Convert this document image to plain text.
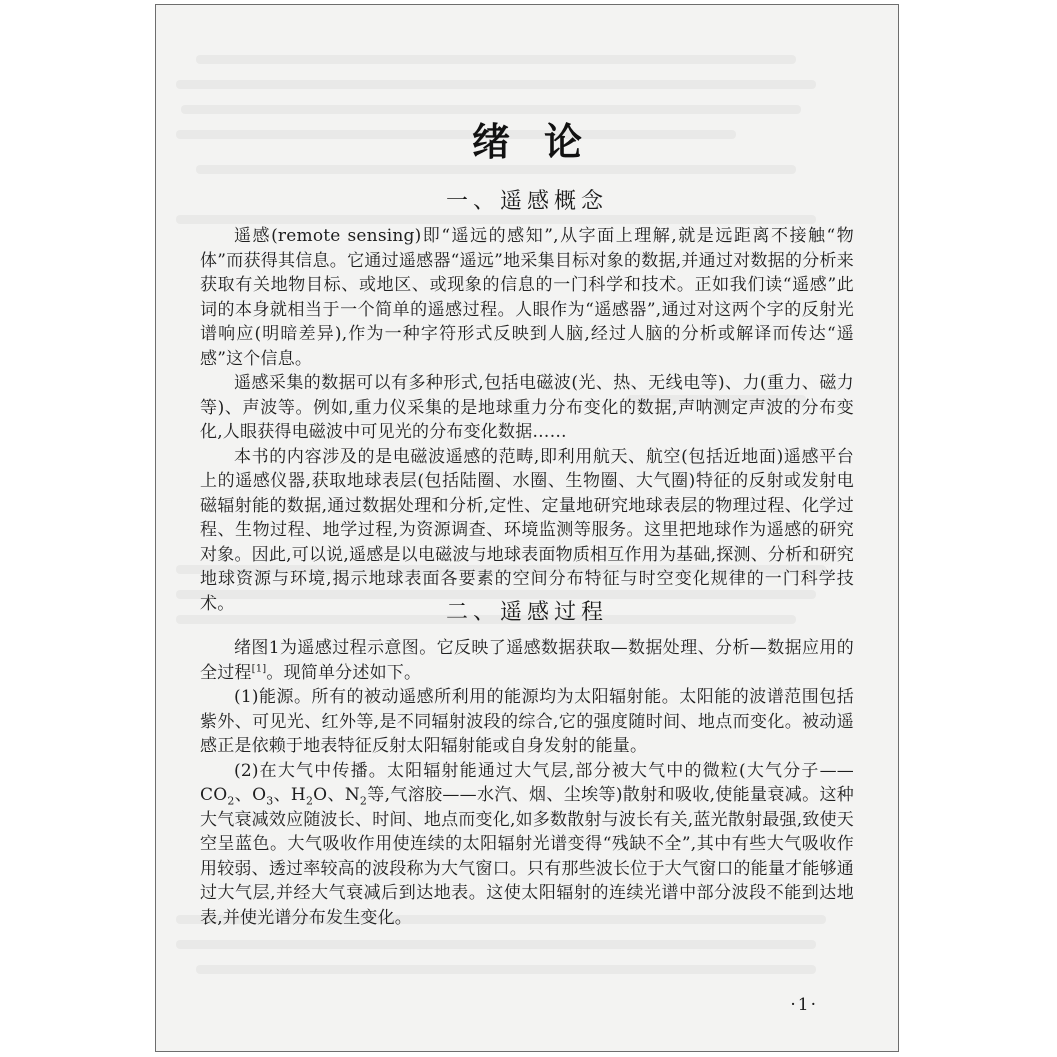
绪论
一、遥感概念

遥感(remote sensing)即“遥远的感知”,从字面上理解,就是远距离不接触“物体”而获得其信息。它通过遥感器“遥远”地采集目标对象的数据,并通过对数据的分析来获取有关地物目标、或地区、或现象的信息的一门科学和技术。正如我们读“遥感”此词的本身就相当于一个简单的遥感过程。人眼作为“遥感器”,通过对这两个字的反射光谱响应(明暗差异),作为一种字符形式反映到人脑,经过人脑的分析或解译而传达“遥感”这个信息。

遥感采集的数据可以有多种形式,包括电磁波(光、热、无线电等)、力(重力、磁力等)、声波等。例如,重力仪采集的是地球重力分布变化的数据,声呐测定声波的分布变化,人眼获得电磁波中可见光的分布变化数据……

本书的内容涉及的是电磁波遥感的范畴,即利用航天、航空(包括近地面)遥感平台上的遥感仪器,获取地球表层(包括陆圈、水圈、生物圈、大气圈)特征的反射或发射电磁辐射能的数据,通过数据处理和分析,定性、定量地研究地球表层的物理过程、化学过程、生物过程、地学过程,为资源调查、环境监测等服务。这里把地球作为遥感的研究对象。因此,可以说,遥感是以电磁波与地球表面物质相互作用为基础,探测、分析和研究地球资源与环境,揭示地球表面各要素的空间分布特征与时空变化规律的一门科学技术。	二、遥感过程

绪图1为遥感过程示意图。它反映了遥感数据获取—数据处理、分析—数据应用的全过程[1]。现简单分述如下。

(1)能源。所有的被动遥感所利用的能源均为太阳辐射能。太阳能的波谱范围包括紫外、可见光、红外等,是不同辐射波段的综合,它的强度随时间、地点而变化。被动遥感正是依赖于地表特征反射太阳辐射能或自身发射的能量。

(2)在大气中传播。太阳辐射能通过大气层,部分被大气中的微粒(大气分子$——CO_2$、$O_3$、$H_2O$、$N_2$等,气溶胶——水汽、烟、尘埃等)散射和吸收,使能量衰减。这种大气衰减效应随波长、时间、地点而变化,如多数散射与波长有关,蓝光散射最强,致使天空呈蓝色。大气吸收作用使连续的太阳辐射光谱变得“残缺不全”,其中有些大气吸收作用较弱、透过率较高的波段称为大气窗口。只有那些波长位于大气窗口的能量才能够通过大气层,并经大气衰减后到达地表。这使太阳辐射的连续光谱中部分波段不能到达地表,并使光谱分布发生变化。

·1·
